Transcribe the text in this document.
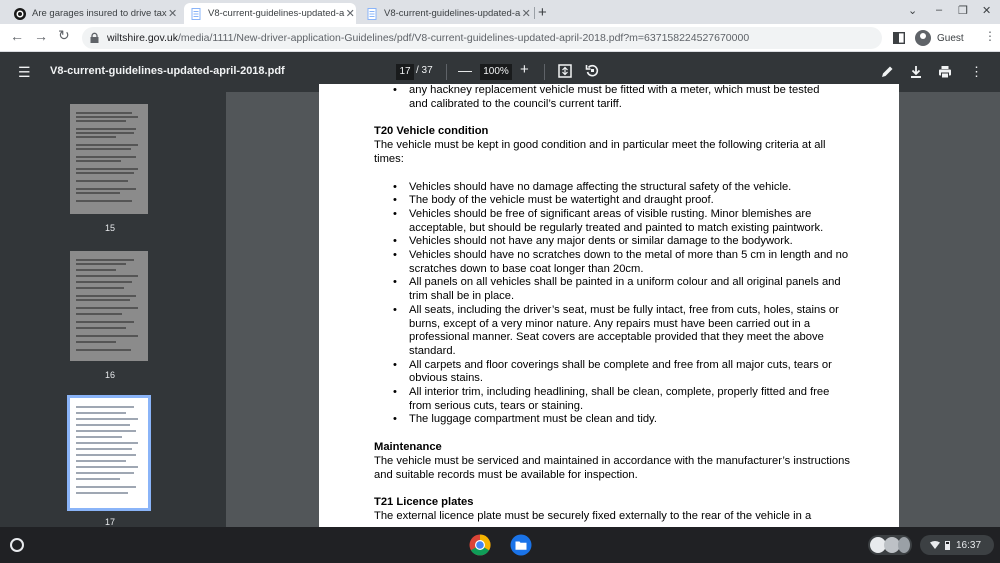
Are garages insured to drive tax ✕	V8-current-guidelines-updated-a ✕	V8-current-guidelines-updated-a ✕ +	⌄ – ❐ ✕
← → ↻	wiltshire.gov.uk /media/1111/New-driver-application-Guidelines/pdf/V8-current-guidelines-updated-april-2018.pdf?m=637158224527670000	Guest ⋮
☰ V8-current-guidelines-updated-april-2018.pdf	17 / 37 —	100% +	⋮
15
16
17
• any hackney replacement vehicle must be fitted with a meter, which must be tested
and calibrated to the council’s current tariff.
T20 Vehicle condition

The vehicle must be kept in good condition and in particular meet the following criteria at all times:

• Vehicles should have no damage affecting the structural safety of the vehicle.
• The body of the vehicle must be watertight and draught proof.
• Vehicles should be free of significant areas of visible rusting. Minor blemishes are acceptable, but should be regularly treated and painted to match existing paintwork.
• Vehicles should not have any major dents or similar damage to the bodywork.
• Vehicles should have no scratches down to the metal of more than 5 cm in length and no scratches down to base coat longer than 20cm.
• All panels on all vehicles shall be painted in a uniform colour and all original panels and trim shall be in place.
• All seats, including the driver’s seat, must be fully intact, free from cuts, holes, stains or burns, except of a very minor nature. Any repairs must have been carried out in a professional manner. Seat covers are acceptable provided that they meet the above standard.
• All carpets and floor coverings shall be complete and free from all major cuts, tears or obvious stains.
• All interior trim, including headlining, shall be clean, complete, properly fitted and free from serious cuts, tears or staining.
• The luggage compartment must be clean and tidy.
Maintenance

The vehicle must be serviced and maintained in accordance with the manufacturer’s instructions and suitable records must be available for inspection.

T21 Licence plates

The external licence plate must be securely fixed externally to the rear of the vehicle in a

16:37
